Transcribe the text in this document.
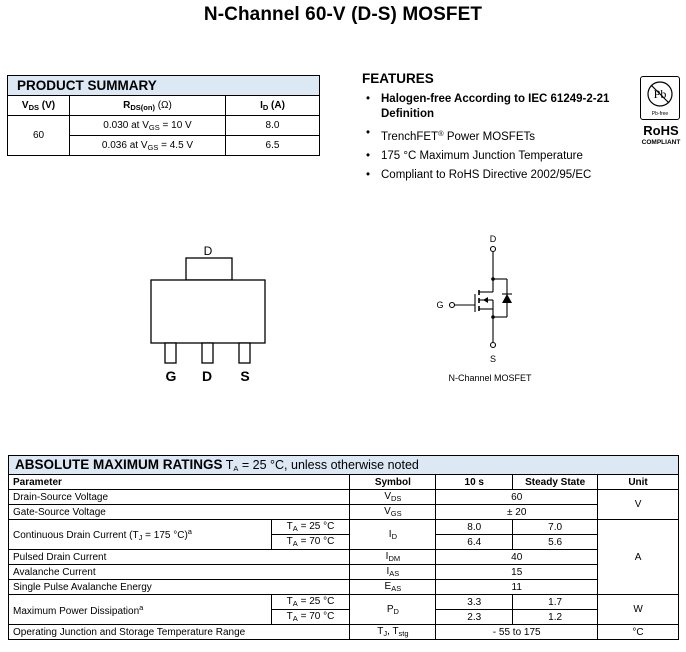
N-Channel 60-V (D-S) MOSFET
PRODUCT SUMMARY		
$V_{DS}$ (V)	$R_{DS(on)}$ (Ω)	$I_D$ (A)
60	0.030 at $V_{GS} = 10$ V	8.0
	0.036 at $V_{GS} = 4.5$ V	6.5
FEATURES
• Halogen-free According to IEC 61249-2-21 Definition
• TrenchFET® Power MOSFETs
• 175 °C Maximum Junction Temperature
• Compliant to RoHS Directive 2002/95/EC
Pb
Pb-free
RoHS
COMPLIANT
D
G D S
D
G
S
N-Channel MOSFET
ABSOLUTE MAXIMUM RATINGS $T_A = 25$ °C, unless otherwise noted					
Parameter		Symbol	10 s	Steady State	Unit
Drain-Source Voltage		$V_{DS}$	60		V
Gate-Source Voltage		$V_{GS}$	± 20		
Continuous Drain Current ($T_J = 175$ °C)$^a$	$T_A = 25$ °C	$I_D$	8.0	7.0	A
	$T_A = 70$ °C		6.4	5.6	
Pulsed Drain Current		$I_{DM}$	40		
Avalanche Current		$I_{AS}$	15		
Single Pulse Avalanche Energy		$E_{AS}$	11		
Maximum Power Dissipation$^a$	$T_A = 25$ °C	$P_D$	3.3	1.7	W
	$T_A = 70$ °C		2.3	1.2	
Operating Junction and Storage Temperature Range		$T_J$, $T_{stg}$	- 55 to 175		°C
